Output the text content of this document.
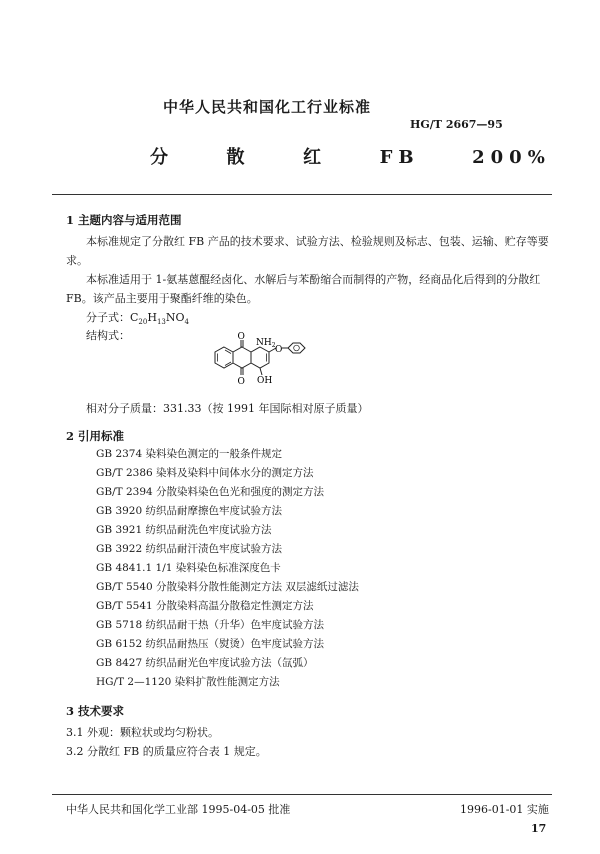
中华人民共和国化工行业标准
HG/T 2667—95
分  散  红  FB  200%
1 主题内容与适用范围
本标准规定了分散红 FB 产品的技术要求、试验方法、检验规则及标志、包装、运输、贮存等要
求。
本标准适用于 1-氨基蒽醌经卤化、水解后与苯酚缩合而制得的产物，经商品化后得到的分散红
FB。该产品主要用于聚酯纤维的染色。
分子式：$C_{20}H_{13}NO_4$
结构式：	O
O
$NH_2$ O
OH
相对分子质量：331.33（按 1991 年国际相对原子质量）
2 引用标准
GB 2374 染料染色测定的一般条件规定
GB/T 2386 染料及染料中间体水分的测定方法
GB/T 2394 分散染料染色色光和强度的测定方法
GB 3920 纺织品耐摩擦色牢度试验方法
GB 3921 纺织品耐洗色牢度试验方法
GB 3922 纺织品耐汗渍色牢度试验方法
GB 4841.1 1/1 染料染色标准深度色卡
GB/T 5540 分散染料分散性能测定方法 双层滤纸过滤法
GB/T 5541 分散染料高温分散稳定性测定方法
GB 5718 纺织品耐干热（升华）色牢度试验方法
GB 6152 纺织品耐热压（熨烫）色牢度试验方法
GB 8427 纺织品耐光色牢度试验方法（氙弧）
HG/T 2—1120 染料扩散性能测定方法
3 技术要求
3.1 外观：颗粒状或均匀粉状。
3.2 分散红 FB 的质量应符合表 1 规定。
中华人民共和国化学工业部 1995-04-05 批准	1996-01-01 实施
17
